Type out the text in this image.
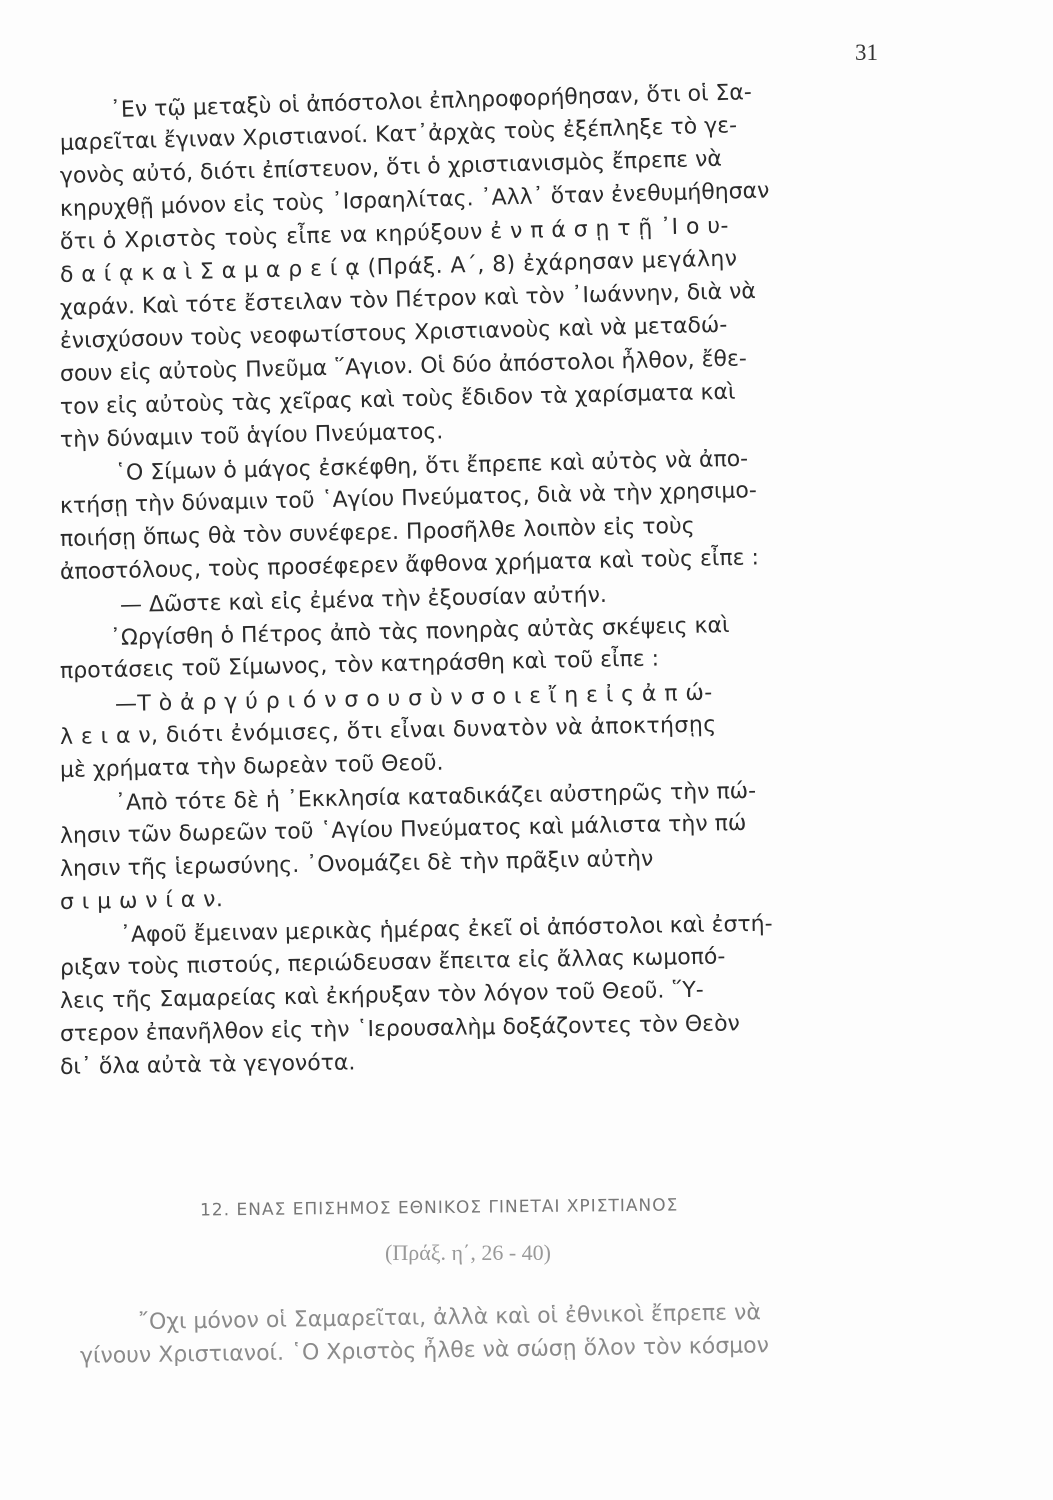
31
᾿Εν τῷ μεταξὺ οἱ ἀπόστολοι ἐπληροφορήθησαν, ὅτι οἱ Σα-
μαρεῖται ἔγιναν Χριστιανοί. Κατ᾿ἀρχὰς τοὺς ἐξέπληξε τὸ γε-
γονὸς αὐτό, διότι ἐπίστευον, ὅτι ὁ χριστιανισμὸς ἔπρεπε νὰ
κηρυχθῇ μόνον εἰς τοὺς ᾿Ισραηλίτας. ᾿Αλλ᾿ ὅταν ἐνεθυμήθησαν
ὅτι ὁ Χριστὸς τοὺς εἶπε να κηρύξουν ἐ ν π ά σ ῃ τ ῇ ᾿Ι ο υ-
δ α ί ᾳ κ α ὶ Σ α μ α ρ ε ί ᾳ (Πράξ. Α΄, 8) ἐχάρησαν μεγάλην
χαράν. Καὶ τότε ἔστειλαν τὸν Πέτρον καὶ τὸν ᾿Ιωάννην, διὰ νὰ
ἐνισχύσουν τοὺς νεοφωτίστους Χριστιανοὺς καὶ νὰ μεταδώ-
σουν εἰς αὐτοὺς Πνεῦμα ῞Αγιον. Οἱ δύο ἀπόστολοι ἦλθον, ἔθε-
τον εἰς αὐτοὺς τὰς χεῖρας καὶ τοὺς ἔδιδον τὰ χαρίσματα καὶ
τὴν δύναμιν τοῦ ἁγίου Πνεύματος.
῾Ο Σίμων ὁ μάγος ἐσκέφθη, ὅτι ἔπρεπε καὶ αὐτὸς νὰ ἀπο-
κτήσῃ τὴν δύναμιν τοῦ ῾Αγίου Πνεύματος, διὰ νὰ τὴν χρησιμο-
ποιήσῃ ὅπως θὰ τὸν συνέφερε. Προσῆλθε λοιπὸν εἰς τοὺς
ἀποστόλους, τοὺς προσέφερεν ἄφθονα χρήματα καὶ τοὺς εἶπε :
— Δῶστε καὶ εἰς ἐμένα τὴν ἐξουσίαν αὐτήν.
᾿Ωργίσθη ὁ Πέτρος ἀπὸ τὰς πονηρὰς αὐτὰς σκέψεις καὶ
προτάσεις τοῦ Σίμωνος, τὸν κατηράσθη καὶ τοῦ εἶπε :
—Τ ὸ ἀ ρ γ ύ ρ ι ό ν σ ο υ σ ὺ ν σ ο ι ε ἴ η ε ἰ ς ἀ π ώ-
λ ε ι α ν, διότι ἐνόμισες, ὅτι εἶναι δυνατὸν νὰ ἀποκτήσῃς
μὲ χρήματα τὴν δωρεὰν τοῦ Θεοῦ.
᾿Απὸ τότε δὲ ἡ ᾿Εκκλησία καταδικάζει αὐστηρῶς τὴν πώ-
λησιν τῶν δωρεῶν τοῦ ῾Αγίου Πνεύματος καὶ μάλιστα τὴν πώ
λησιν τῆς ἱερωσύνης. ᾿Ονομάζει δὲ τὴν πρᾶξιν αὐτὴν
σ ι μ ω ν ί α ν.
᾿Αφοῦ ἔμειναν μερικὰς ἡμέρας ἐκεῖ οἱ ἀπόστολοι καὶ ἐστή-
ριξαν τοὺς πιστούς, περιώδευσαν ἔπειτα εἰς ἄλλας κωμοπό-
λεις τῆς Σαμαρείας καὶ ἐκήρυξαν τὸν λόγον τοῦ Θεοῦ. ῞Υ-
στερον ἐπανῆλθον εἰς τὴν ῾Ιερουσαλὴμ δοξάζοντες τὸν Θεὸν
δι᾿ ὅλα αὐτὰ τὰ γεγονότα.
12. ΕΝΑΣ ΕΠΙΣΗΜΟΣ ΕΘΝΙΚΟΣ ΓΙΝΕΤΑΙ ΧΡΙΣΤΙΑΝΟΣ
(Πράξ. η΄, 26 - 40)
῎Οχι μόνον οἱ Σαμαρεῖται, ἀλλὰ καὶ οἱ ἐθνικοὶ ἔπρεπε νὰ
γίνουν Χριστιανοί. ῾Ο Χριστὸς ἦλθε νὰ σώσῃ ὅλον τὸν κόσμον
